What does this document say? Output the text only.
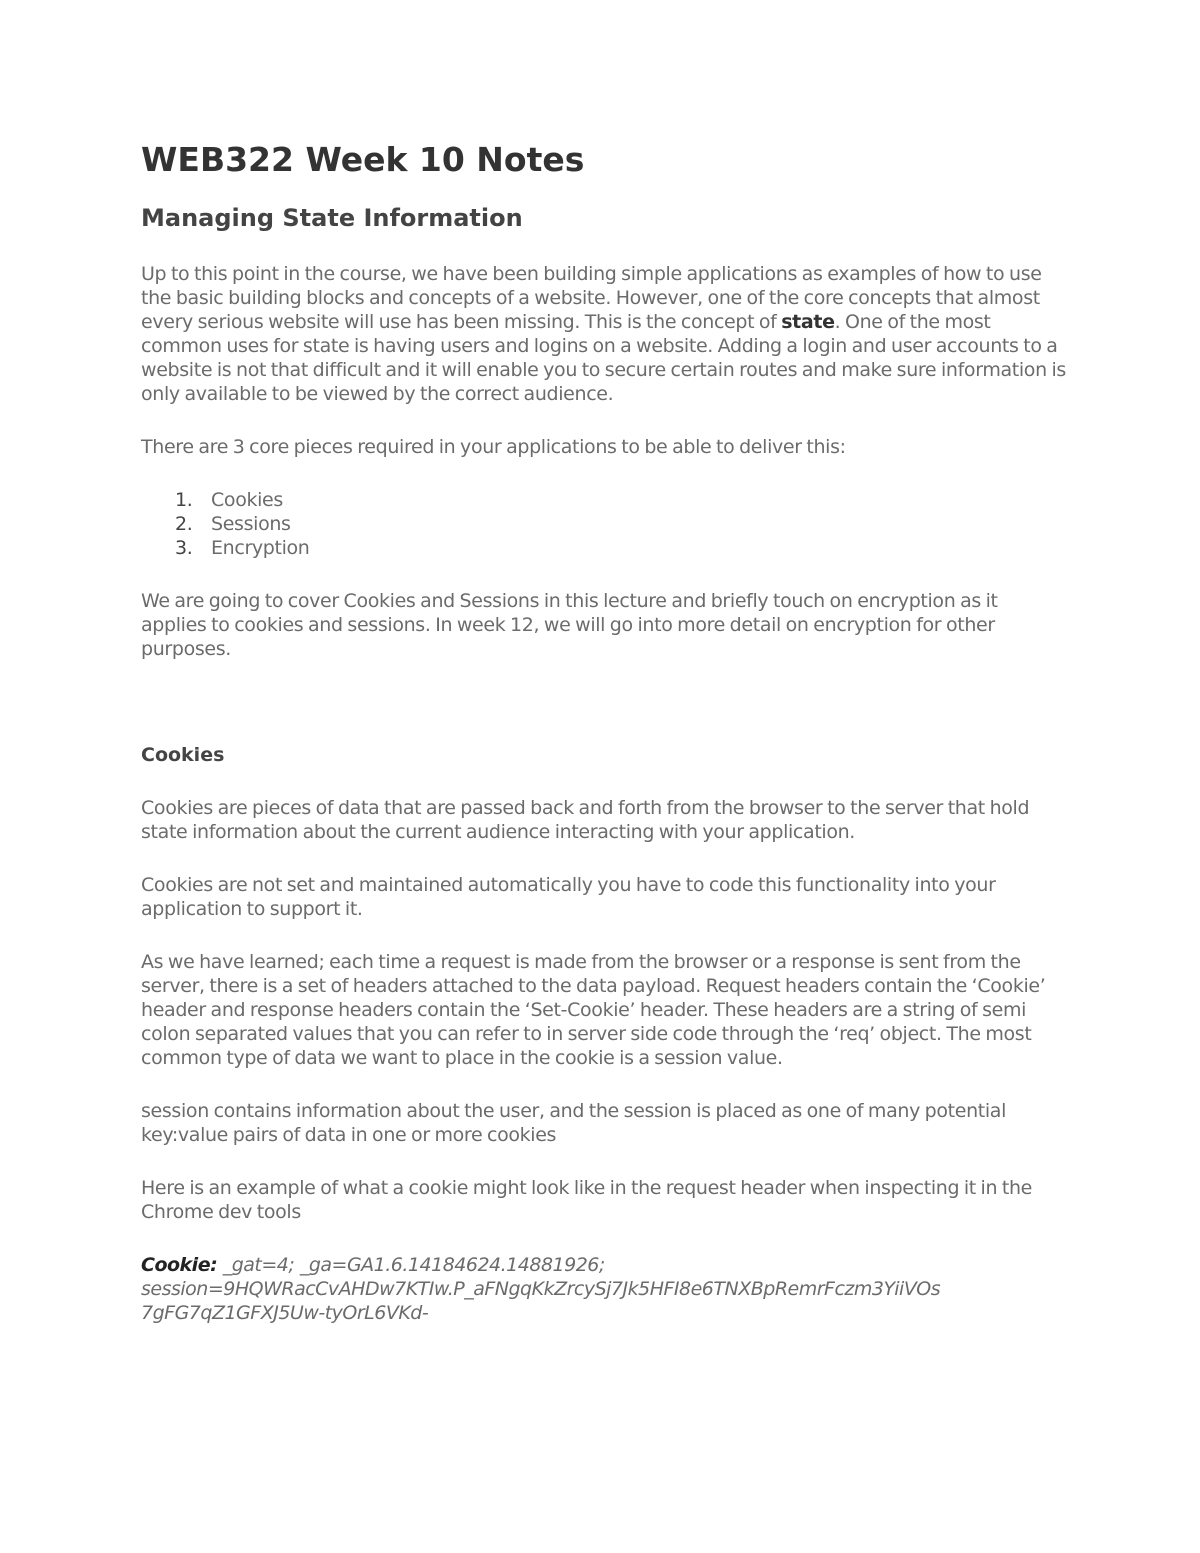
WEB322 Week 10 Notes
Managing State Information

Up to this point in the course, we have been building simple applications as examples of how to use the basic building blocks and concepts of a website. However, one of the core concepts that almost every serious website will use has been missing. This is the concept of state. One of the most common uses for state is having users and logins on a website. Adding a login and user accounts to a website is not that difficult and it will enable you to secure certain routes and make sure information is only available to be viewed by the correct audience.

There are 3 core pieces required in your applications to be able to deliver this:

1. Cookies
2. Sessions
3. Encryption

We are going to cover Cookies and Sessions in this lecture and briefly touch on encryption as it applies to cookies and sessions. In week 12, we will go into more detail on encryption for other purposes.

Cookies

Cookies are pieces of data that are passed back and forth from the browser to the server that hold state information about the current audience interacting with your application.

Cookies are not set and maintained automatically you have to code this functionality into your application to support it.

As we have learned; each time a request is made from the browser or a response is sent from the server, there is a set of headers attached to the data payload. Request headers contain the ‘Cookie’ header and response headers contain the ‘Set-Cookie’ header. These headers are a string of semi colon separated values that you can refer to in server side code through the ‘req’ object. The most common type of data we want to place in the cookie is a session value.

session contains information about the user, and the session is placed as one of many potential key:value pairs of data in one or more cookies

Here is an example of what a cookie might look like in the request header when inspecting it in the Chrome dev tools

Cookie: _gat=4; _ga=GA1.6.14184624.14881926;
session=9HQWRacCvAHDw7KTIw.P_aFNgqKkZrcySj7Jk5HFI8e6TNXBpRemrFczm3YiiVOs
7gFG7qZ1GFXJ5Uw-tyOrL6VKd-
